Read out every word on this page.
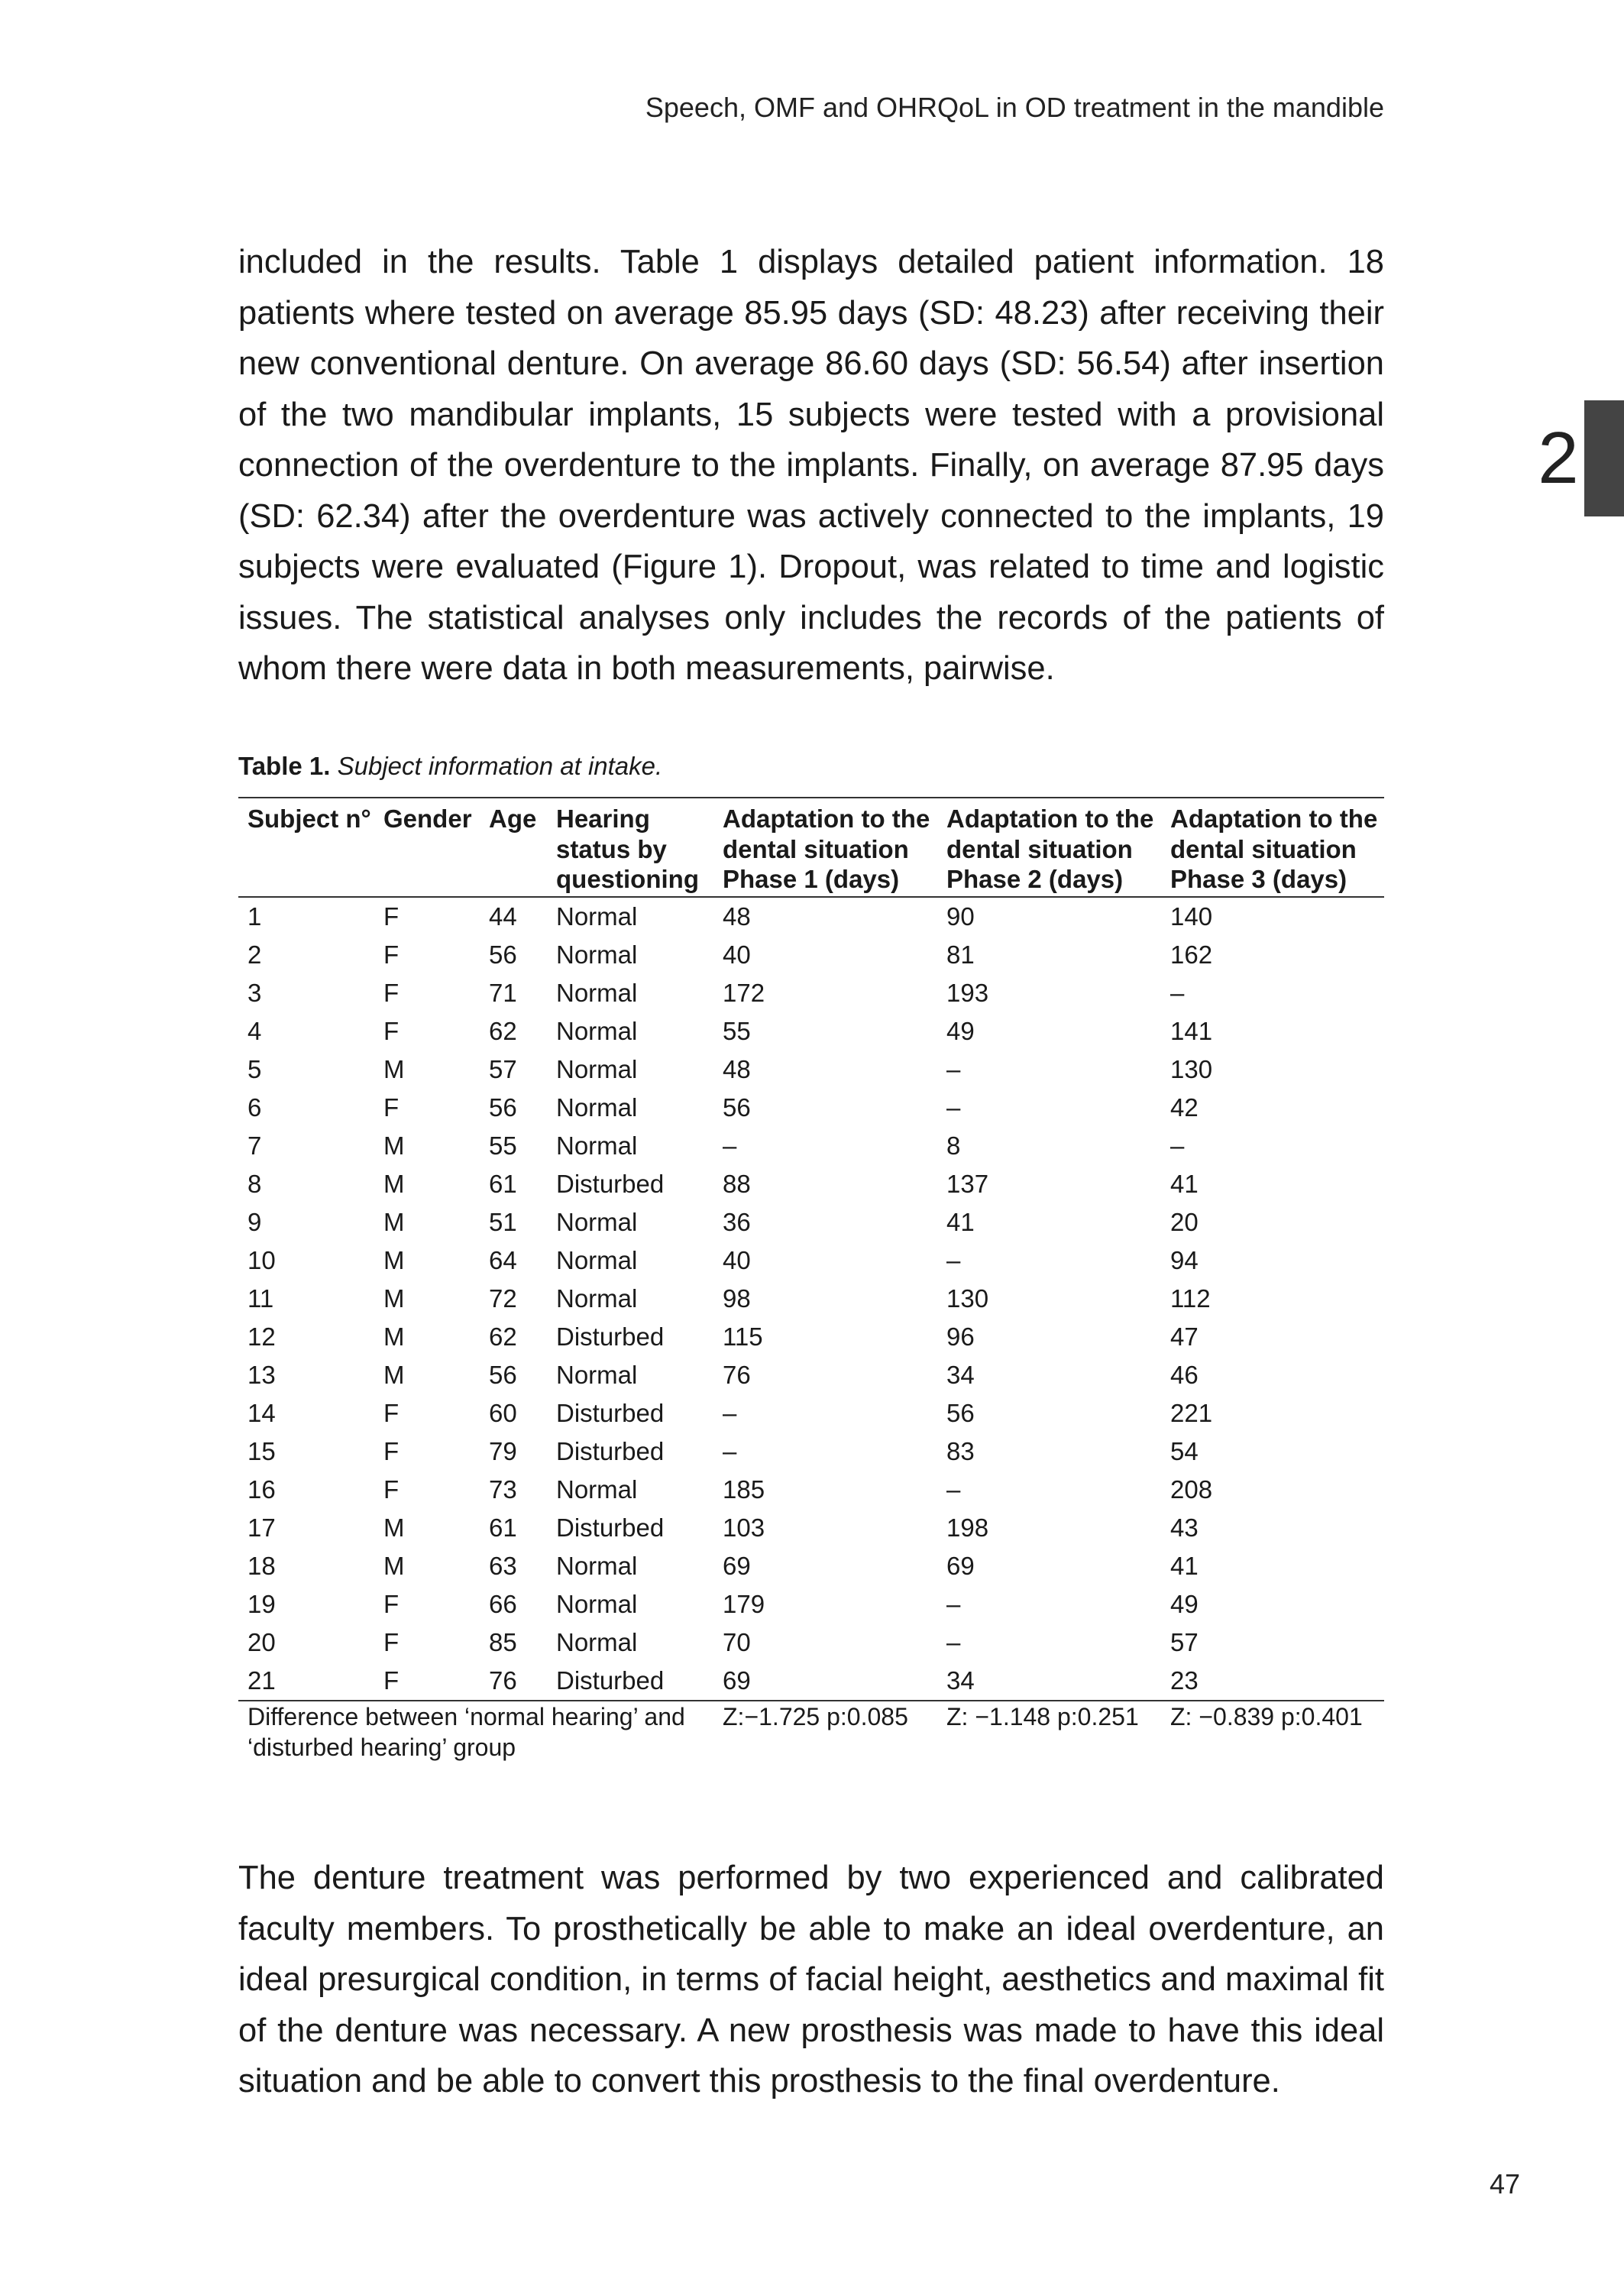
Speech, OMF and OHRQoL in OD treatment in the mandible
2

included in the results. Table 1 displays detailed patient information. 18 patients where tested on average 85.95 days (SD: 48.23) after receiving their new conventional denture. On average 86.60 days (SD: 56.54) after insertion of the two mandibular implants, 15 subjects were tested with a provisional connection of the overdenture to the implants. Finally, on average 87.95 days (SD: 62.34) after the overdenture was actively connected to the implants, 19 subjects were evaluated (Figure 1). Dropout, was related to time and logistic issues. The statistical analyses only includes the records of the patients of whom there were data in both measurements, pairwise.

Table 1. Subject information at intake.
Subject n°	Gender	Age	Hearing status by questioning	Adaptation to the dental situation Phase 1 (days)	Adaptation to the dental situation Phase 2 (days)	Adaptation to the dental situation Phase 3 (days)
1	F	44	Normal	48	90	140
2	F	56	Normal	40	81	162
3	F	71	Normal	172	193	–
4	F	62	Normal	55	49	141
5	M	57	Normal	48	–	130
6	F	56	Normal	56	–	42
7	M	55	Normal	–	8	–
8	M	61	Disturbed	88	137	41
9	M	51	Normal	36	41	20
10	M	64	Normal	40	–	94
11	M	72	Normal	98	130	112
12	M	62	Disturbed	115	96	47
13	M	56	Normal	76	34	46
14	F	60	Disturbed	–	56	221
15	F	79	Disturbed	–	83	54
16	F	73	Normal	185	–	208
17	M	61	Disturbed	103	198	43
18	M	63	Normal	69	69	41
19	F	66	Normal	179	–	49
20	F	85	Normal	70	–	57
21	F	76	Disturbed	69	34	23
Difference between ‘normal hearing’ and ‘disturbed hearing’ group				Z:−1.725 p:0.085	Z: −1.148 p:0.251	Z: −0.839 p:0.401

The denture treatment was performed by two experienced and calibrated faculty members. To prosthetically be able to make an ideal overdenture, an ideal presurgical condition, in terms of facial height, aesthetics and maximal fit of the denture was necessary. A new prosthesis was made to have this ideal situation and be able to convert this prosthesis to the final overdenture.

47
